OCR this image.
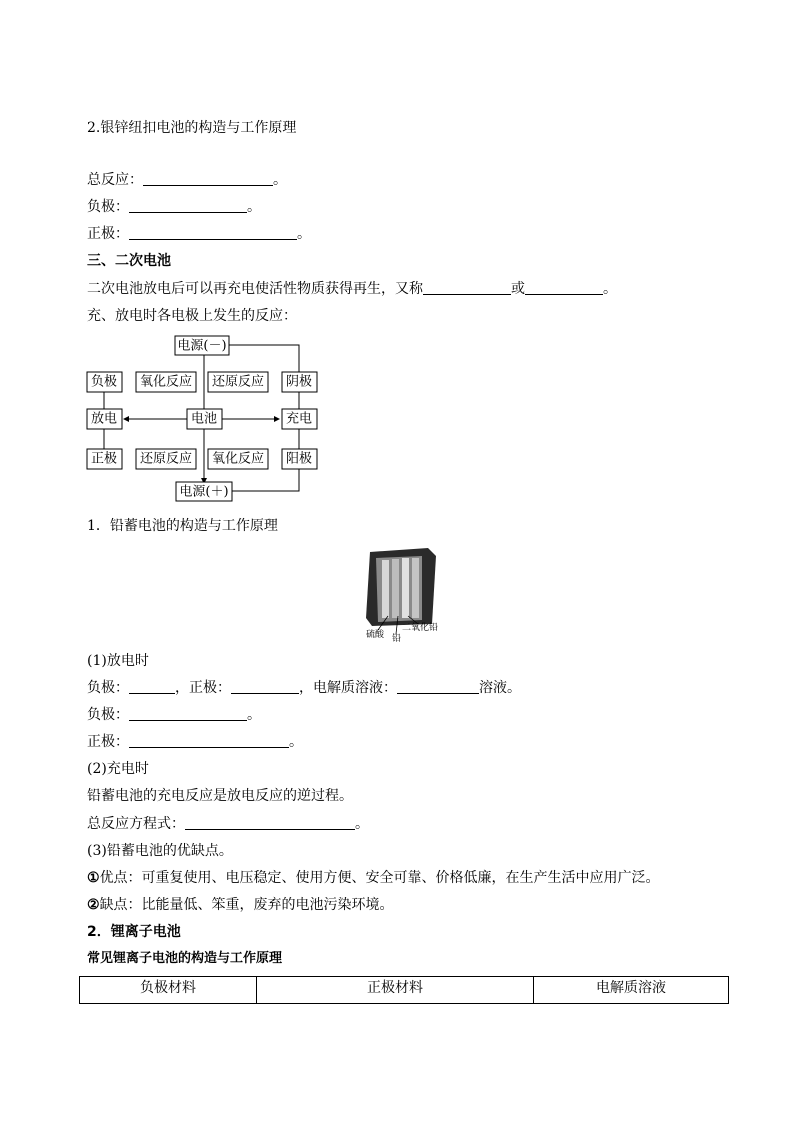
2.银锌纽扣电池的构造与工作原理
总反应：	。
负极：	。
正极：	。
三、二次电池
二次电池放电后可以再充电使活性物质获得再生，又称	或	。
充、放电时各电极上发生的反应：
电源(－)
负极 氧化反应 还原反应 阴极
放电	电池	充电
正极 还原反应 氧化反应 阳极
电源(＋)
1．铅蓄电池的构造与工作原理
硫酸 铅
二氧化铅
(1)放电时
负极：	，正极：	，电解质溶液：	溶液。
负极：	。
正极：	。
(2)充电时
铅蓄电池的充电反应是放电反应的逆过程。
总反应方程式：	。
(3)铅蓄电池的优缺点。
①优点：可重复使用、电压稳定、使用方便、安全可靠、价格低廉，在生产生活中应用广泛。
②缺点：比能量低、笨重，废弃的电池污染环境。
2．锂离子电池
常见锂离子电池的构造与工作原理
负极材料	正极材料	电解质溶液
